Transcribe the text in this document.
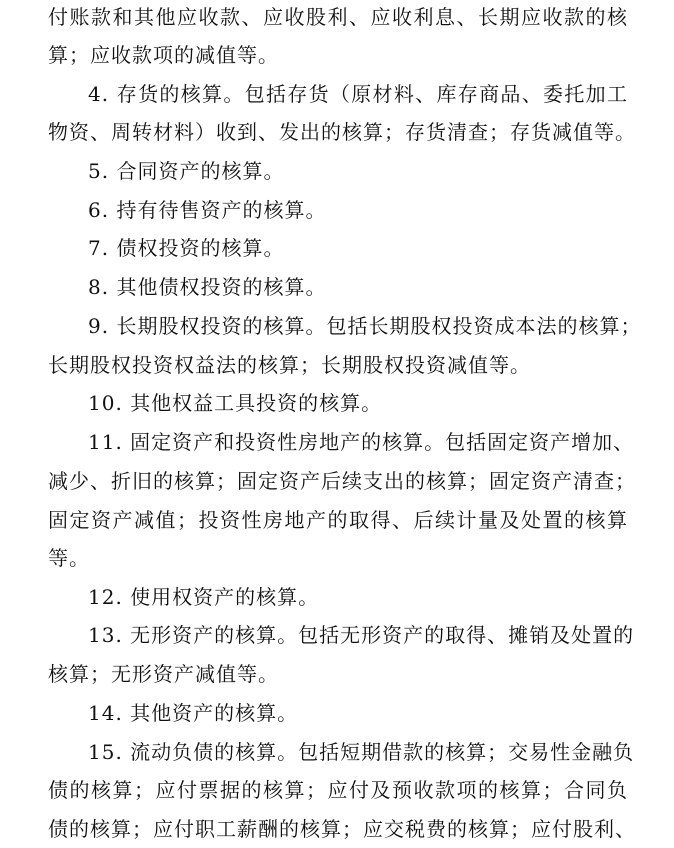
付账款和其他应收款、应收股利、应收利息、长期应收款的核
算；应收款项的减值等。
4. 存货的核算。包括存货（原材料、库存商品、委托加工
物资、周转材料）收到、发出的核算；存货清查；存货减值等。
5. 合同资产的核算。
6. 持有待售资产的核算。
7. 债权投资的核算。
8. 其他债权投资的核算。
9. 长期股权投资的核算。包括长期股权投资成本法的核算；
长期股权投资权益法的核算；长期股权投资减值等。
10. 其他权益工具投资的核算。
11. 固定资产和投资性房地产的核算。包括固定资产增加、
减少、折旧的核算；固定资产后续支出的核算；固定资产清查；
固定资产减值；投资性房地产的取得、后续计量及处置的核算
等。
12. 使用权资产的核算。
13. 无形资产的核算。包括无形资产的取得、摊销及处置的
核算；无形资产减值等。
14. 其他资产的核算。
15. 流动负债的核算。包括短期借款的核算；交易性金融负
债的核算；应付票据的核算；应付及预收款项的核算；合同负
债的核算；应付职工薪酬的核算；应交税费的核算；应付股利、
